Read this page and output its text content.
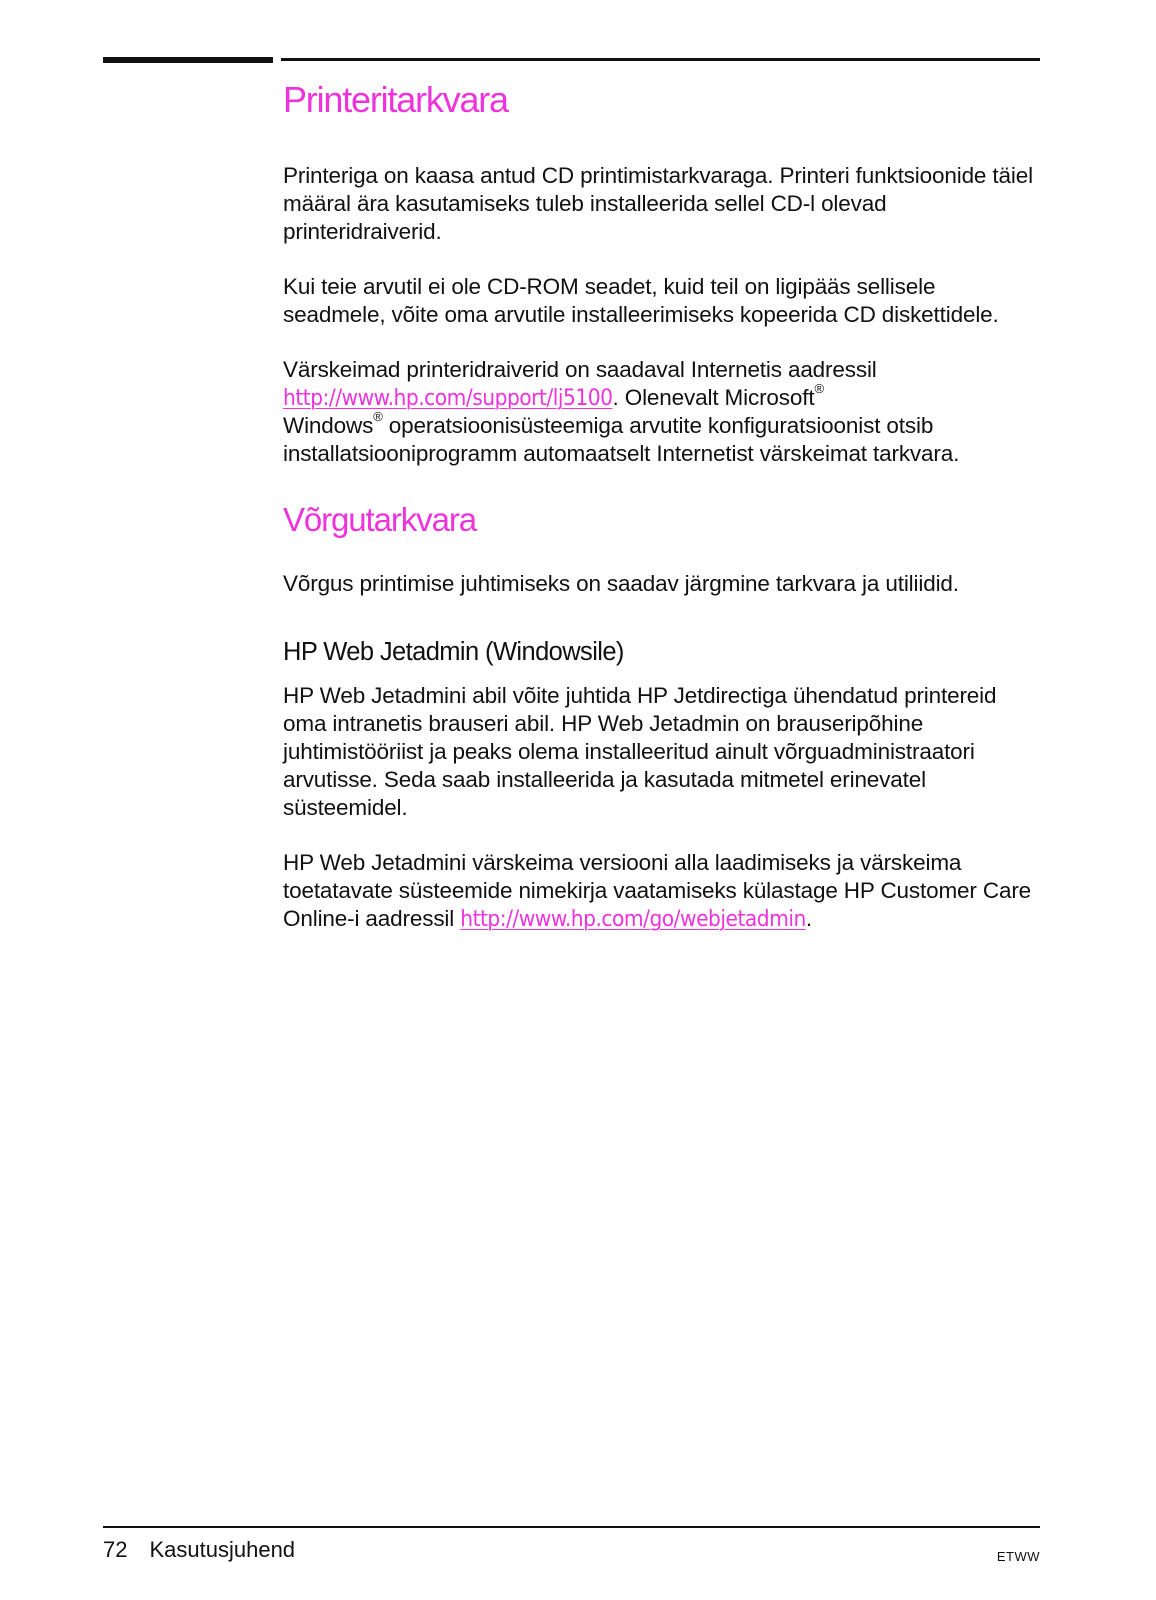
Printeritarkvara

Printeriga on kaasa antud CD printimistarkvaraga. Printeri funktsioonide täiel määral ära kasutamiseks tuleb installeerida sellel CD-l olevad printeridraiverid.

Kui teie arvutil ei ole CD-ROM seadet, kuid teil on ligipääs sellisele seadmele, võite oma arvutile installeerimiseks kopeerida CD diskettidele.

Värskeimad printeridraiverid on saadaval Internetis aadressil http://www.hp.com/support/lj5100. Olenevalt Microsoft®
Windows® operatsioonisüsteemiga arvutite konfiguratsioonist otsib installatsiooniprogramm automaatselt Internetist värskeimat tarkvara.

Võrgutarkvara

Võrgus printimise juhtimiseks on saadav järgmine tarkvara ja utiliidid.

HP Web Jetadmin (Windowsile)

HP Web Jetadmini abil võite juhtida HP Jetdirectiga ühendatud printereid oma intranetis brauseri abil. HP Web Jetadmin on brauseripõhine juhtimistööriist ja peaks olema installeeritud ainult võrguadministraatori arvutisse. Seda saab installeerida ja kasutada mitmetel erinevatel süsteemidel.

HP Web Jetadmini värskeima versiooni alla laadimiseks ja värskeima toetatavate süsteemide nimekirja vaatamiseks külastage HP Customer Care Online-i aadressil http://www.hp.com/go/webjetadmin.

72 Kasutusjuhend	ETWW
